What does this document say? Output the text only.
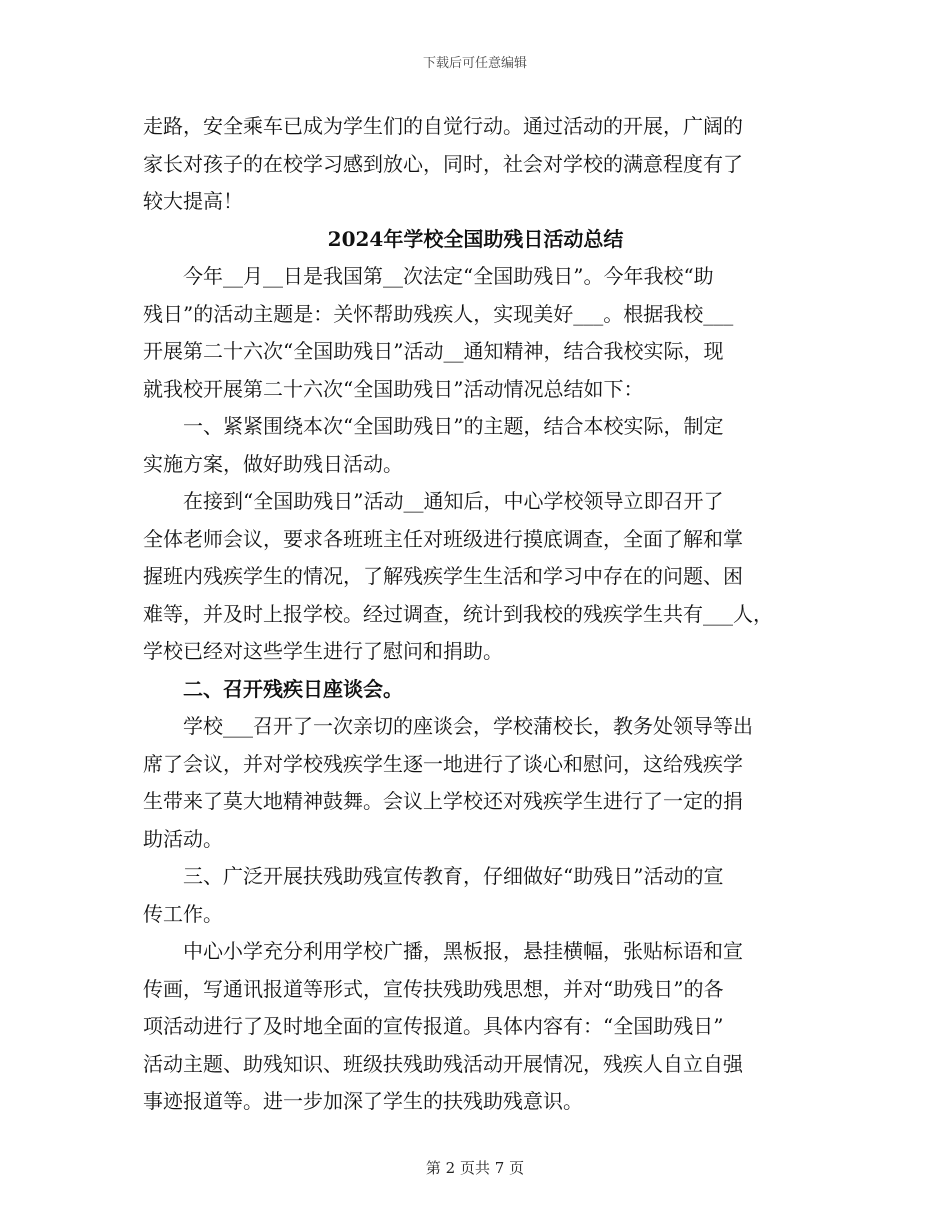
下载后可任意编辑
走路，安全乘车已成为学生们的自觉行动。通过活动的开展，广阔的
家长对孩子的在校学习感到放心，同时，社会对学校的满意程度有了
较大提高！
2024年学校全国助残日活动总结
　　今年__月__日是我国第__次法定“全国助残日”。今年我校“助
残日”的活动主题是：关怀帮助残疾人，实现美好___。根据我校___
开展第二十六次“全国助残日”活动__通知精神，结合我校实际，现
就我校开展第二十六次“全国助残日”活动情况总结如下：
　　一、紧紧围绕本次“全国助残日”的主题，结合本校实际，制定
实施方案，做好助残日活动。
　　在接到“全国助残日”活动__通知后，中心学校领导立即召开了
全体老师会议，要求各班班主任对班级进行摸底调查，全面了解和掌
握班内残疾学生的情况，了解残疾学生生活和学习中存在的问题、困
难等，并及时上报学校。经过调查，统计到我校的残疾学生共有___人，
学校已经对这些学生进行了慰问和捐助。
　　二、召开残疾日座谈会。
　　学校___召开了一次亲切的座谈会，学校蒲校长，教务处领导等出
席了会议，并对学校残疾学生逐一地进行了谈心和慰问，这给残疾学
生带来了莫大地精神鼓舞。会议上学校还对残疾学生进行了一定的捐
助活动。
　　三、广泛开展扶残助残宣传教育，仔细做好“助残日”活动的宣
传工作。
　　中心小学充分利用学校广播，黑板报，悬挂横幅，张贴标语和宣
传画，写通讯报道等形式，宣传扶残助残思想，并对“助残日”的各
项活动进行了及时地全面的宣传报道。具体内容有：“全国助残日”
活动主题、助残知识、班级扶残助残活动开展情况，残疾人自立自强
事迹报道等。进一步加深了学生的扶残助残意识。
第 2 页共 7 页
